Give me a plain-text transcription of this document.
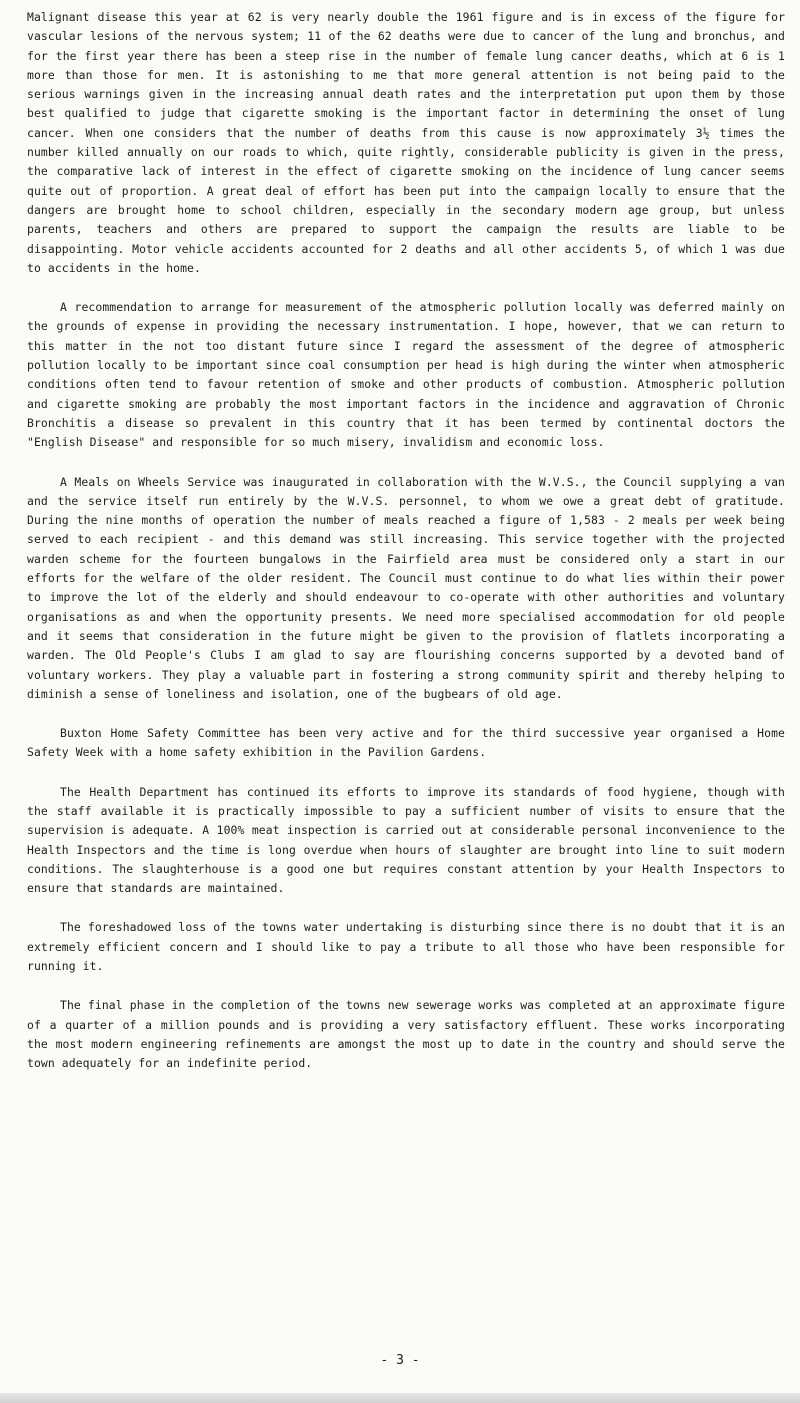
Malignant disease this year at 62 is very nearly double the 1961 figure and is in excess of the figure for vascular lesions of the nervous system; 11 of the 62 deaths were due to cancer of the lung and bronchus, and for the first year there has been a steep rise in the number of female lung cancer deaths, which at 6 is 1 more than those for men. It is astonishing to me that more general attention is not being paid to the serious warnings given in the increasing annual death rates and the interpretation put upon them by those best qualified to judge that cigarette smoking is the important factor in determining the onset of lung cancer. When one considers that the number of deaths from this cause is now approximately 3½ times the number killed annually on our roads to which, quite rightly, considerable publicity is given in the press, the comparative lack of interest in the effect of cigarette smoking on the incidence of lung cancer seems quite out of proportion. A great deal of effort has been put into the campaign locally to ensure that the dangers are brought home to school children, especially in the secondary modern age group, but unless parents, teachers and others are prepared to support the campaign the results are liable to be disappointing. Motor vehicle accidents accounted for 2 deaths and all other accidents 5, of which 1 was due to accidents in the home.

A recommendation to arrange for measurement of the atmospheric pollution locally was deferred mainly on the grounds of expense in providing the necessary instrumentation. I hope, however, that we can return to this matter in the not too distant future since I regard the assessment of the degree of atmospheric pollution locally to be important since coal consumption per head is high during the winter when atmospheric conditions often tend to favour retention of smoke and other products of combustion. Atmospheric pollution and cigarette smoking are probably the most important factors in the incidence and aggravation of Chronic Bronchitis a disease so prevalent in this country that it has been termed by continental doctors the "English Disease" and responsible for so much misery, invalidism and economic loss.

A Meals on Wheels Service was inaugurated in collaboration with the W.V.S., the Council supplying a van and the service itself run entirely by the W.V.S. personnel, to whom we owe a great debt of gratitude. During the nine months of operation the number of meals reached a figure of 1,583 - 2 meals per week being served to each recipient - and this demand was still increasing. This service together with the projected warden scheme for the fourteen bungalows in the Fairfield area must be considered only a start in our efforts for the welfare of the older resident. The Council must continue to do what lies within their power to improve the lot of the elderly and should endeavour to co-operate with other authorities and voluntary organisations as and when the opportunity presents. We need more specialised accommodation for old people and it seems that consideration in the future might be given to the provision of flatlets incorporating a warden. The Old People's Clubs I am glad to say are flourishing concerns supported by a devoted band of voluntary workers. They play a valuable part in fostering a strong community spirit and thereby helping to diminish a sense of loneliness and isolation, one of the bugbears of old age.

Buxton Home Safety Committee has been very active and for the third successive year organised a Home Safety Week with a home safety exhibition in the Pavilion Gardens.

The Health Department has continued its efforts to improve its standards of food hygiene, though with the staff available it is practically impossible to pay a sufficient number of visits to ensure that the supervision is adequate. A 100% meat inspection is carried out at considerable personal inconvenience to the Health Inspectors and the time is long overdue when hours of slaughter are brought into line to suit modern conditions. The slaughterhouse is a good one but requires constant attention by your Health Inspectors to ensure that standards are maintained.

The foreshadowed loss of the towns water undertaking is disturbing since there is no doubt that it is an extremely efficient concern and I should like to pay a tribute to all those who have been responsible for running it.

The final phase in the completion of the towns new sewerage works was completed at an approximate figure of a quarter of a million pounds and is providing a very satisfactory effluent. These works incorporating the most modern engineering refinements are amongst the most up to date in the country and should serve the town adequately for an indefinite period.

- 3 -
